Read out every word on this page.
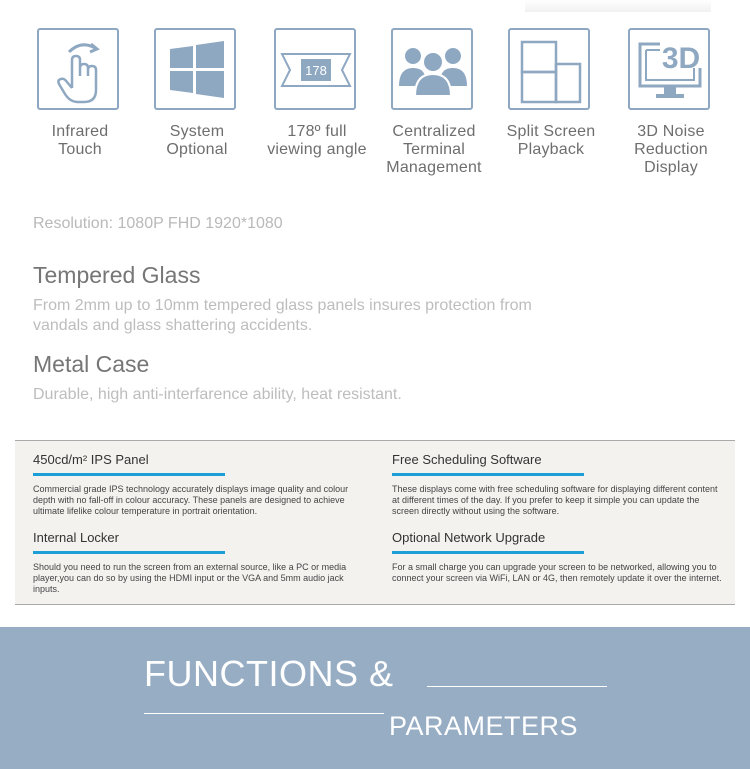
Infrared
Touch
System
Optional
178
178º full
viewing angle
Centralized
Terminal
Management
Split Screen
Playback
3D
3D Noise
Reduction
Display
Resolution: 1080P FHD 1920*1080
Tempered Glass
From 2mm up to 10mm tempered glass panels insures protection from vandals and glass shattering accidents.
Metal Case
Durable, high anti-interfarence ability, heat resistant.
450cd/m² IPS Panel
Commercial grade IPS technology accurately displays image quality and colour depth with no fall-off in colour accuracy. These panels are designed to achieve ultimate lifelike colour temperature in portrait orientation.
Free Scheduling Software
These displays come with free scheduling software for displaying different content at different times of the day. If you prefer to keep it simple you can update the screen directly without using the software.
Internal Locker
Should you need to run the screen from an external source, like a PC or media player,you can do so by using the HDMI input or the VGA and 5mm audio jack inputs.
Optional Network Upgrade
For a small charge you can upgrade your screen to be networked, allowing you to connect your screen via WiFi, LAN or 4G, then remotely update it over the internet.
FUNCTIONS &
PARAMETERS
